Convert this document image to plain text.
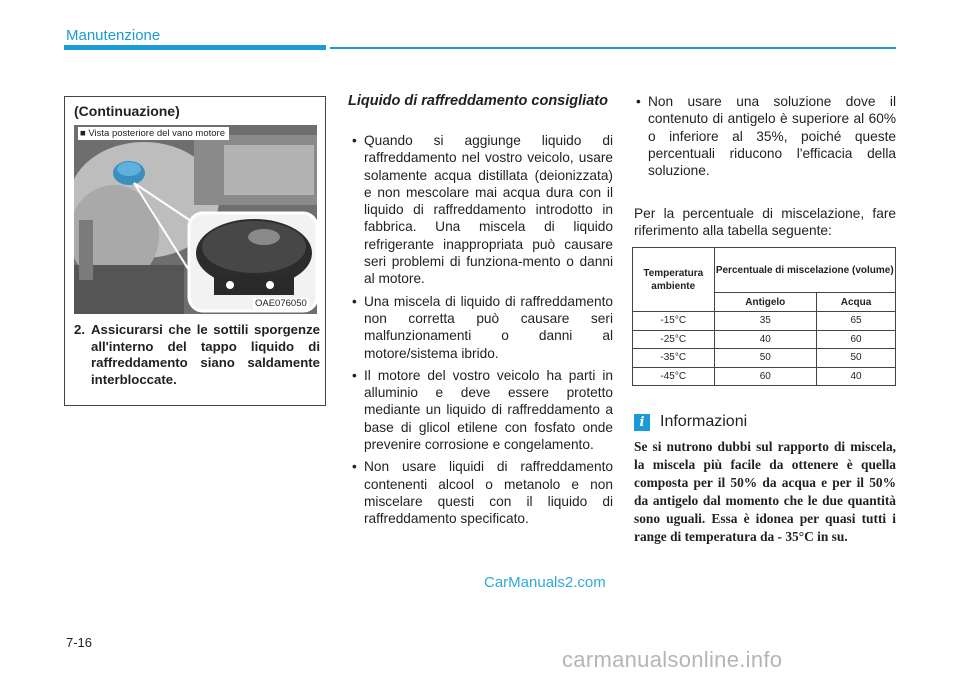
Manutenzione
(Continuazione)
■ Vista posteriore del vano motore
OAE076050
2. Assicurarsi che le sottili sporgenze all'interno del tappo liquido di raffreddamento siano saldamente interbloccate.
Liquido di raffreddamento consigliato
• Quando si aggiunge liquido di raffreddamento nel vostro veicolo, usare solamente acqua distillata (deionizzata) e non mescolare mai acqua dura con il liquido di raffreddamento introdotto in fabbrica. Una miscela di liquido refrigerante inappropriata può causare seri problemi di funziona-mento o danni al motore.
• Una miscela di liquido di raffreddamento non corretta può causare seri malfunzionamenti o danni al motore/sistema ibrido.
• Il motore del vostro veicolo ha parti in alluminio e deve essere protetto mediante un liquido di raffreddamento a base di glicol etilene con fosfato onde prevenire corrosione e congelamento.
• Non usare liquidi di raffreddamento contenenti alcool o metanolo e non miscelare questi con il liquido di raffreddamento specificato.
• Non usare una soluzione dove il contenuto di antigelo è superiore al 60% o inferiore al 35%, poiché queste percentuali riducono l'efficacia della soluzione.
Per la percentuale di miscelazione, fare riferimento alla tabella seguente:
Temperatura ambiente	Percentuale di miscelazione (volume)	
	Antigelo	Acqua
-15°C	35	65
-25°C	40	60
-35°C	50	50
-45°C	60	40
i Informazioni
Se si nutrono dubbi sul rapporto di miscela, la miscela più facile da ottenere è quella composta per il 50% da acqua e per il 50% da antigelo dal momento che le due quantità sono uguali. Essa è idonea per quasi tutti i range di temperatura da - 35°C in su.
CarManuals2.com
7-16
carmanualsonline.info
